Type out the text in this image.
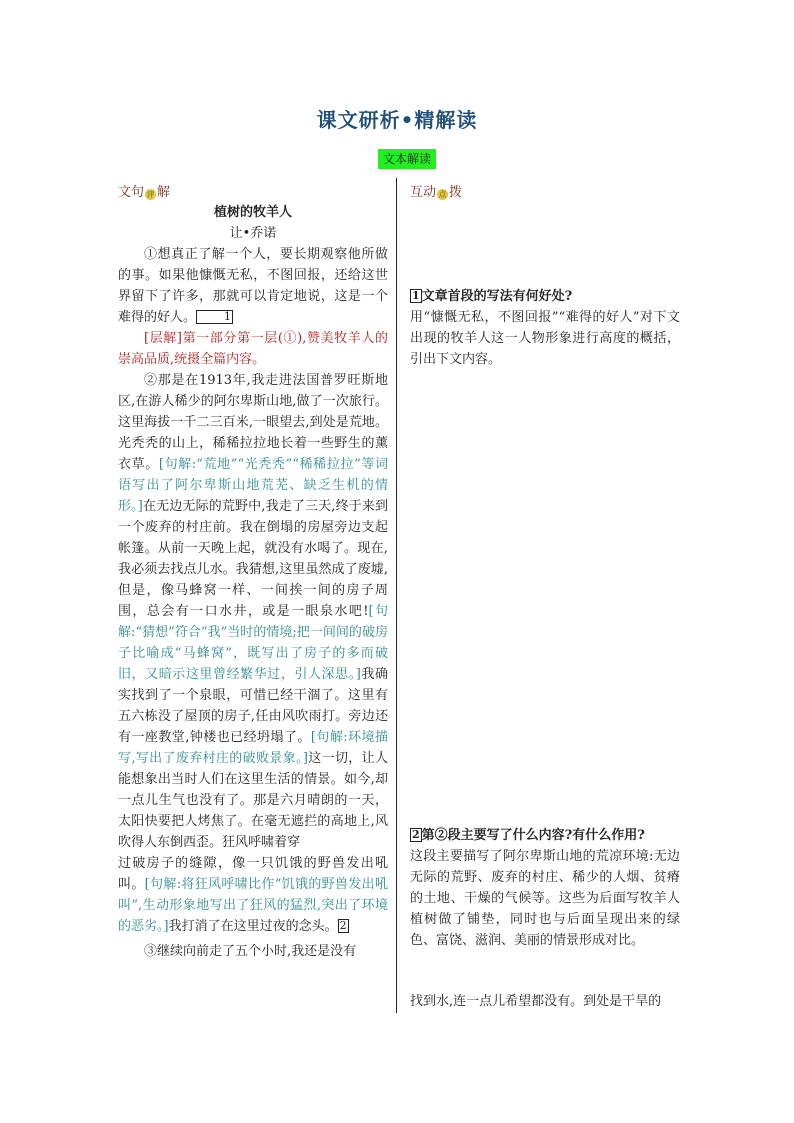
课文研析•精解读
文本解读
文句 评 解	互动 点 拨

植树的牧羊人

让•乔诺

①想真正了解一个人，要长期观察他所做的事。如果他慷慨无私，不图回报，还给这世界留下了许多，那就可以肯定地说，这是一个难得的好人。	1

[层解]第一部分第一层(①),赞美牧羊人的崇高品质,统摄全篇内容。

②那是在1913年,我走进法国普罗旺斯地区,在游人稀少的阿尔卑斯山地,做了一次旅行。这里海拔一千二三百米,一眼望去,到处是荒地。光秃秃的山上，稀稀拉拉地长着一些野生的薰衣草。[句解:“荒地”“光秃秃”“稀稀拉拉”等词语写出了阿尔卑斯山地荒芜、缺乏生机的情形。]在无边无际的荒野中,我走了三天,终于来到一个废弃的村庄前。我在倒塌的房屋旁边支起帐篷。从前一天晚上起，就没有水喝了。现在,我必须去找点儿水。我猜想,这里虽然成了废墟,但是，像马蜂窝一样、一间挨一间的房子周围，总会有一口水井，或是一眼泉水吧![句解:“猜想”符合“我”当时的情境;把一间间的破房子比喻成“马蜂窝”，既写出了房子的多而破旧，又暗示这里曾经繁华过，引人深思。]我确实找到了一个泉眼，可惜已经干涸了。这里有五六栋没了屋顶的房子,任由风吹雨打。旁边还有一座教堂,钟楼也已经坍塌了。[句解:环境描写,写出了废弃村庄的破败景象。]这一切，让人能想象出当时人们在这里生活的情景。如今,却一点儿生气也没有了。那是六月晴朗的一天，太阳快要把人烤焦了。在毫无遮拦的高地上,风吹得人东倒西歪。狂风呼啸着穿

过破房子的缝隙，像一只饥饿的野兽发出吼叫。[句解:将狂风呼啸比作“饥饿的野兽发出吼叫”,生动形象地写出了狂风的猛烈,突出了环境的恶劣。]我打消了在这里过夜的念头。 2

③继续向前走了五个小时,我还是没有

1 文章首段的写法有何好处?

用“慷慨无私，不图回报”“难得的好人”对下文出现的牧羊人这一人物形象进行高度的概括，引出下文内容。

2 第②段主要写了什么内容?有什么作用?

这段主要描写了阿尔卑斯山地的荒凉环境:无边无际的荒野、废弃的村庄、稀少的人烟、贫瘠的土地、干燥的气候等。这些为后面写牧羊人植树做了铺垫，同时也与后面呈现出来的绿色、富饶、滋润、美丽的情景形成对比。

找到水,连一点儿希望都没有。到处是干旱的
